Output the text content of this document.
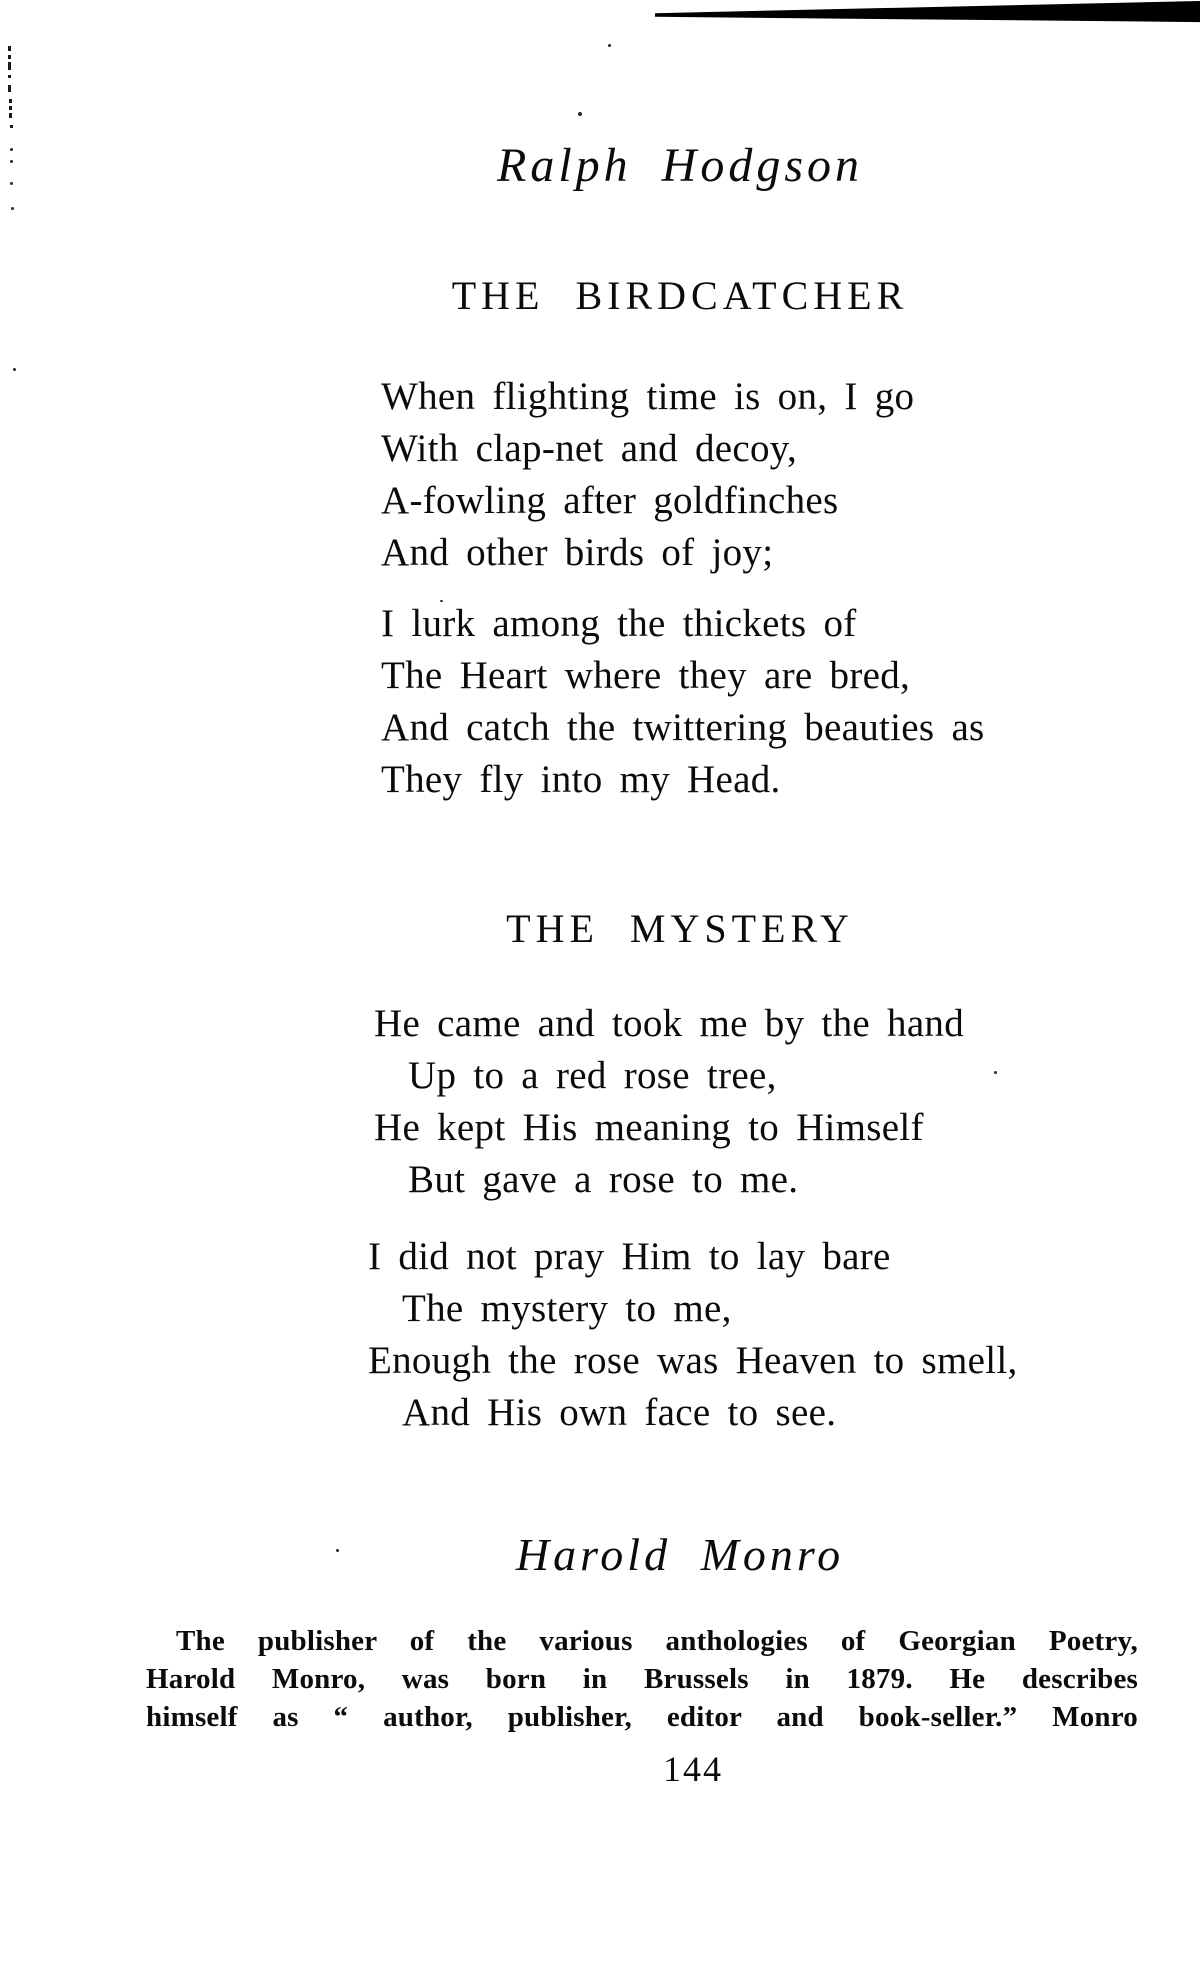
Ralph Hodgson
THE BIRDCATCHER
When flighting time is on, I go
With clap-net and decoy,
A-fowling after goldfinches
And other birds of joy;
I lurk among the thickets of
The Heart where they are bred,
And catch the twittering beauties as
They fly into my Head.
THE MYSTERY
He came and took me by the hand
Up to a red rose tree,
He kept His meaning to Himself
But gave a rose to me.
I did not pray Him to lay bare
The mystery to me,
Enough the rose was Heaven to smell,
And His own face to see.
Harold Monro
The publisher of the various anthologies of Georgian Poetry,
Harold Monro, was born in Brussels in 1879. He describes
himself as “ author, publisher, editor and book-seller.” Monro
144
